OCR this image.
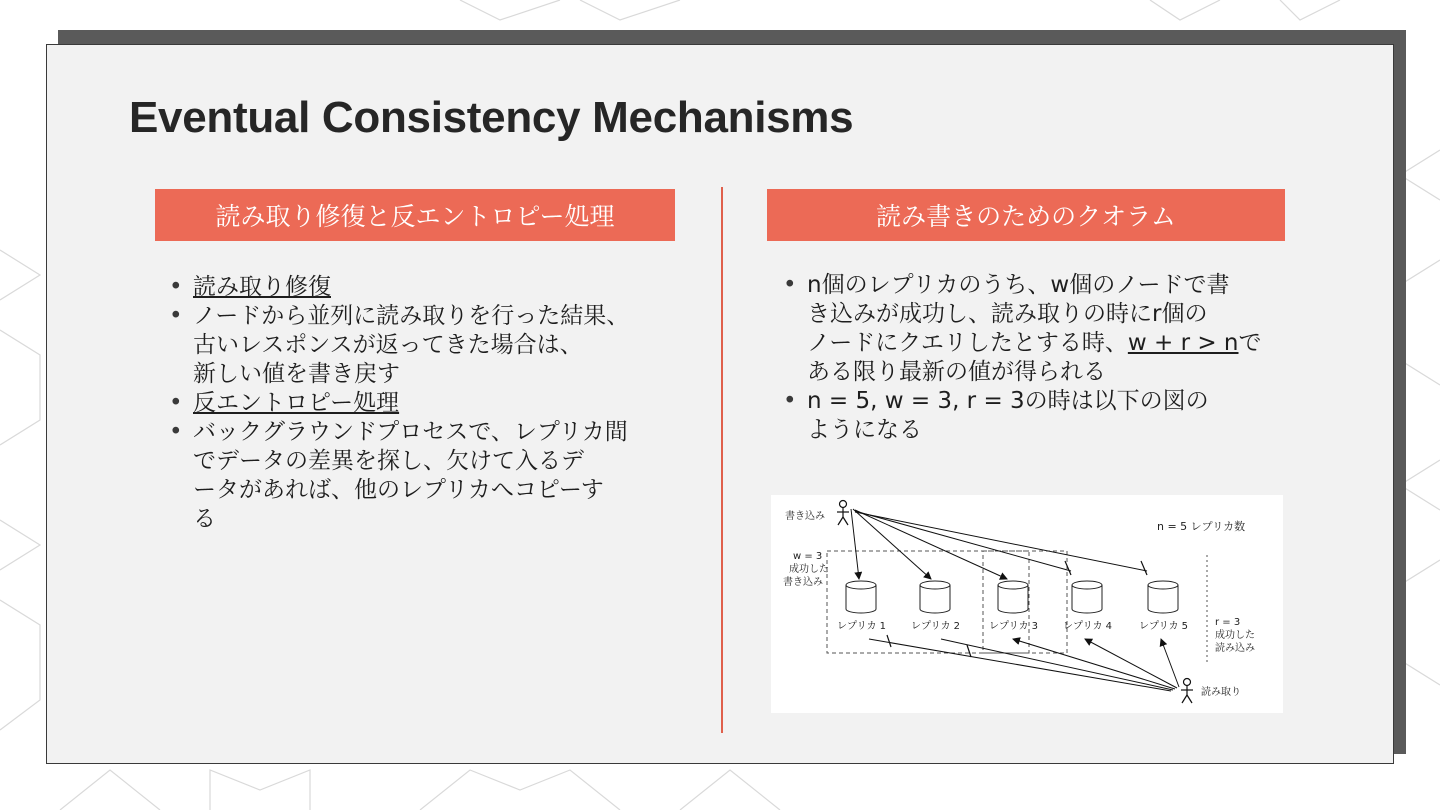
Eventual Consistency Mechanisms
読み取り修復と反エントロピー処理	読み書きのためのクオラム
• 読み取り修復
• ノードから並列に読み取りを行った結果、
古いレスポンスが返ってきた場合は、
新しい値を書き戻す
• 反エントロピー処理
• バックグラウンドプロセスで、レプリカ間
でデータの差異を探し、欠けて入るデ
ータがあれば、他のレプリカへコピーす
る
• n個のレプリカのうち、w個のノードで書
き込みが成功し、読み取りの時にr個の
ノードにクエリしたとする時、w + r > nで
ある限り最新の値が得られる
• n = 5, w = 3, r = 3の時は以下の図の
ようになる
書き込み
n = 5 レプリカ数
w = 3
成功した
書き込み
r = 3
成功した
読み込み
レプリカ 1 レプリカ 2	レプリカ 3 レプリカ 4	レプリカ 5
読み取り
